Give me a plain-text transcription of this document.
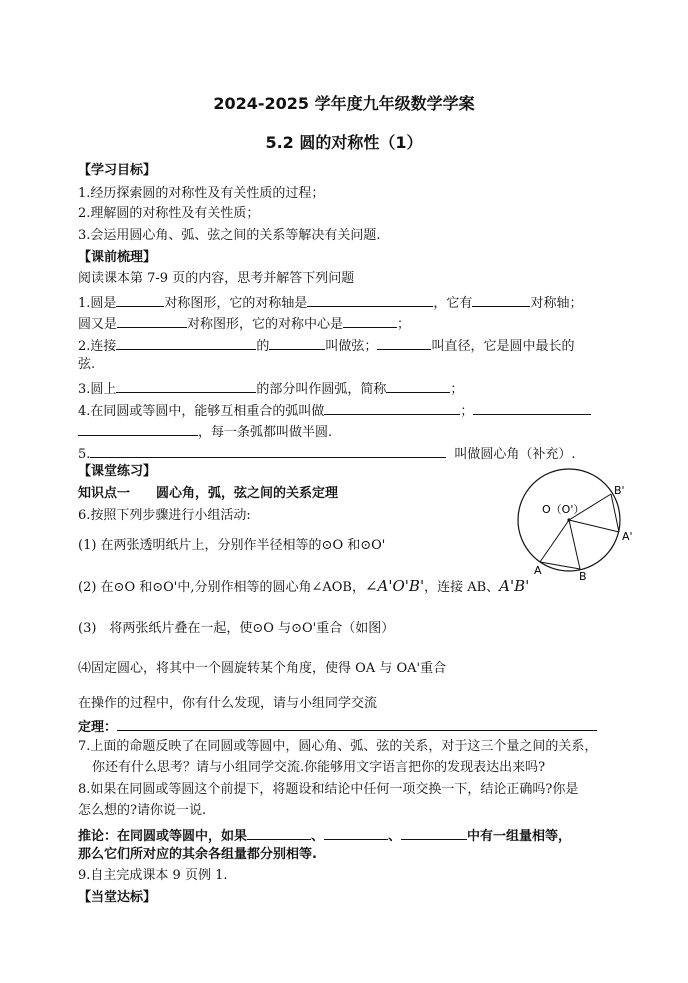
2024-2025 学年度九年级数学学案
5.2 圆的对称性（1）
【学习目标】
1.经历探索圆的对称性及有关性质的过程；
2.理解圆的对称性及有关性质；
3.会运用圆心角、弧、弦之间的关系等解决有关问题.
【课前梳理】
阅读课本第 7-9 页的内容，思考并解答下列问题
1.圆是	对称图形，它的对称轴是	，它有	对称轴；
圆又是	对称图形，它的对称中心是	；
2.连接	的	叫做弦；	叫直径，它是圆中最长的
弦.
3.圆上	的部分叫作圆弧，简称	；
4.在同圆或等圆中，能够互相重合的弧叫做	；
，每一条弧都叫做半圆.
5.	叫做圆心角（补充）.
【课堂练习】
知识点一　　圆心角，弧，弦之间的关系定理
6.按照下列步骤进行小组活动:
(1) 在两张透明纸片上，分别作半径相等的⊙O 和⊙O'
(2) 在⊙O 和⊙O'中,分别作相等的圆心角∠AOB，∠A'O'B'，连接 AB、A'B'
(3)　将两张纸片叠在一起，使⊙O 与⊙O'重合（如图）
⑷固定圆心，将其中一个圆旋转某个角度，使得 OA 与 OA'重合
在操作的过程中，你有什么发现，请与小组同学交流
定理：
7.上面的命题反映了在同圆或等圆中，圆心角、弧、弦的关系，对于这三个量之间的关系，
你还有什么思考？请与小组同学交流.你能够用文字语言把你的发现表达出来吗?
8.如果在同圆或等圆这个前提下，将题设和结论中任何一项交换一下，结论正确吗?你是
怎么想的?请你说一说.
推论：在同圆或等圆中，如果	、	、	中有一组量相等，
那么它们所对应的其余各组量都分别相等.
9.自主完成课本 9 页例 1.
【当堂达标】
O（O'）
B'
A'
A	B
